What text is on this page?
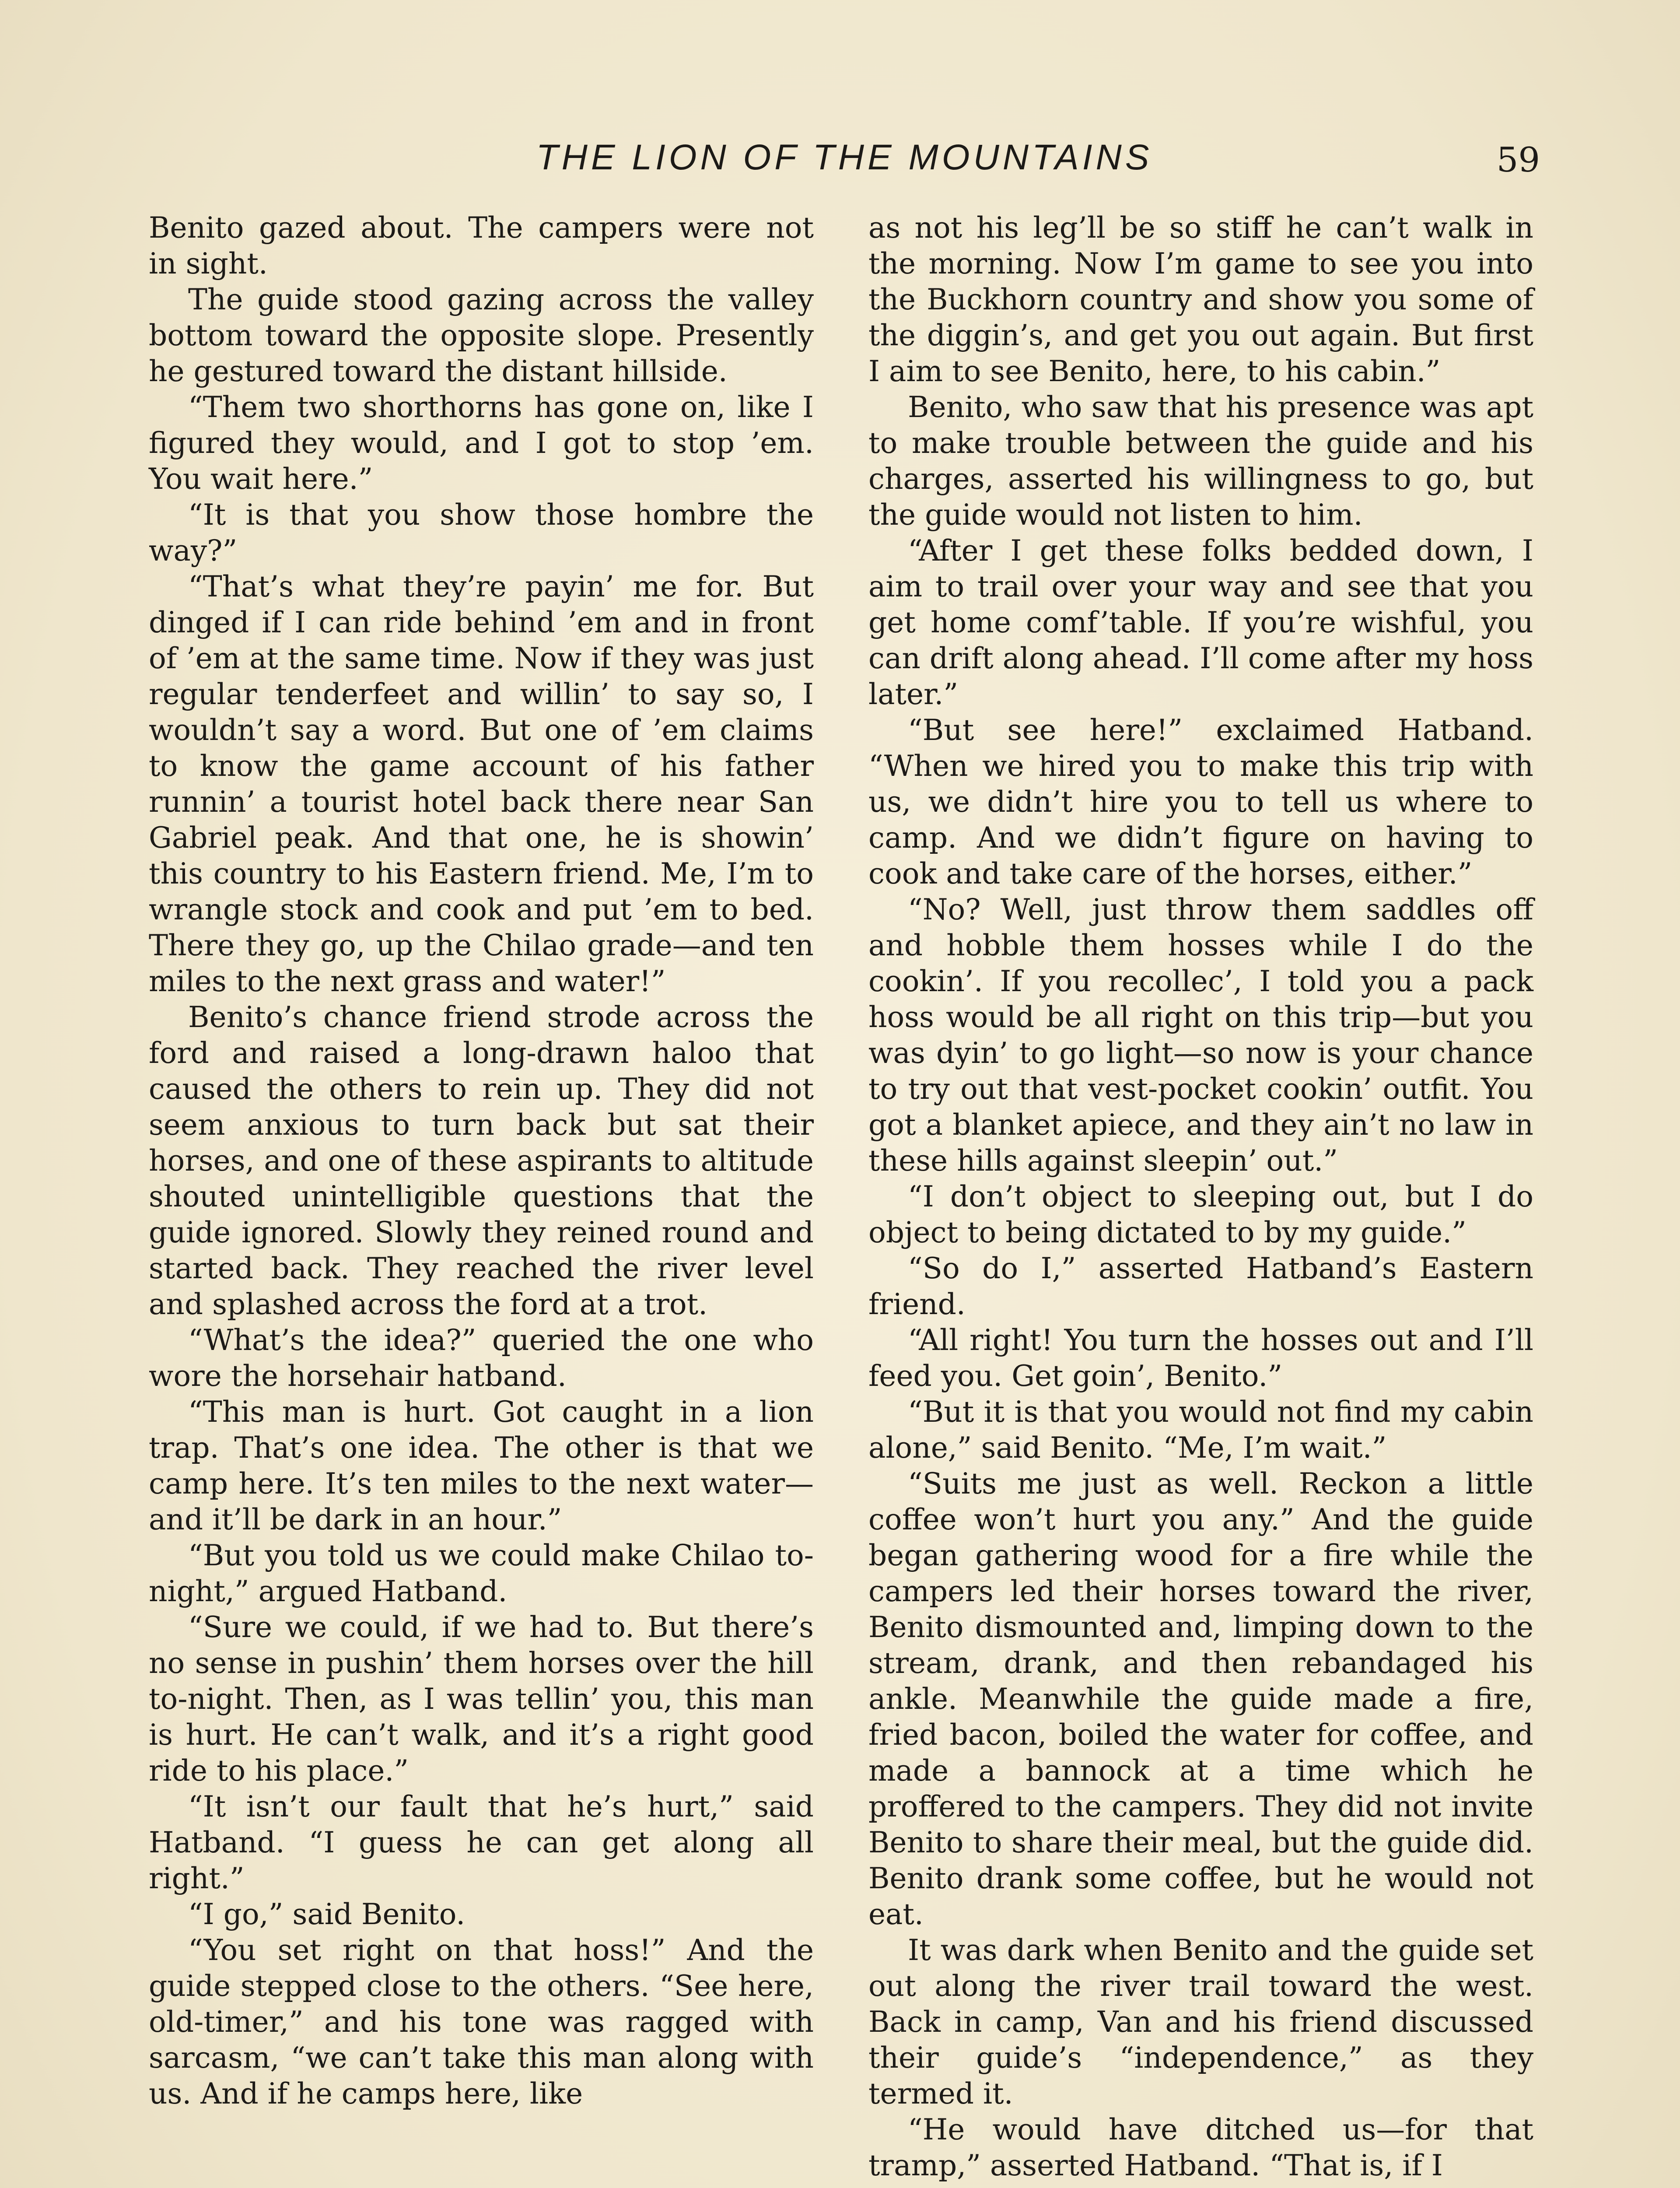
THE LION OF THE MOUNTAINS	59

Benito gazed about. The campers were not in sight.

The guide stood gazing across the valley bottom toward the opposite slope. Presently he gestured toward the distant hillside.

“Them two shorthorns has gone on, like I figured they would, and I got to stop ’em. You wait here.”

“It is that you show those hombre the way?”

“That’s what they’re payin’ me for. But dinged if I can ride behind ’em and in front of ’em at the same time. Now if they was just regular tenderfeet and willin’ to say so, I wouldn’t say a word. But one of ’em claims to know the game account of his father runnin’ a tourist hotel back there near San Gabriel peak. And that one, he is showin’ this country to his Eastern friend. Me, I’m to wrangle stock and cook and put ’em to bed. There they go, up the Chilao grade—and ten miles to the next grass and water!”

Benito’s chance friend strode across the ford and raised a long-drawn haloo that caused the others to rein up. They did not seem anxious to turn back but sat their horses, and one of these aspirants to altitude shouted unintelligible questions that the guide ignored. Slowly they reined round and started back. They reached the river level and splashed across the ford at a trot.

“What’s the idea?” queried the one who wore the horsehair hatband.

“This man is hurt. Got caught in a lion trap. That’s one idea. The other is that we camp here. It’s ten miles to the next water—and it’ll be dark in an hour.”

“But you told us we could make Chilao to-night,” argued Hatband.

“Sure we could, if we had to. But there’s no sense in pushin’ them horses over the hill to-night. Then, as I was tellin’ you, this man is hurt. He can’t walk, and it’s a right good ride to his place.”

“It isn’t our fault that he’s hurt,” said Hatband. “I guess he can get along all right.”

“I go,” said Benito.

“You set right on that hoss!” And the guide stepped close to the others. “See here, old-timer,” and his tone was ragged with sarcasm, “we can’t take this man along with us. And if he camps here, like

as not his leg’ll be so stiff he can’t walk in the morning. Now I’m game to see you into the Buckhorn country and show you some of the diggin’s, and get you out again. But first I aim to see Benito, here, to his cabin.”

Benito, who saw that his presence was apt to make trouble between the guide and his charges, asserted his willingness to go, but the guide would not listen to him.

“After I get these folks bedded down, I aim to trail over your way and see that you get home comf’table. If you’re wishful, you can drift along ahead. I’ll come after my hoss later.”

“But see here!” exclaimed Hatband. “When we hired you to make this trip with us, we didn’t hire you to tell us where to camp. And we didn’t figure on having to cook and take care of the horses, either.”

“No? Well, just throw them saddles off and hobble them hosses while I do the cookin’. If you recollec’, I told you a pack hoss would be all right on this trip—but you was dyin’ to go light—so now is your chance to try out that vest-pocket cookin’ outfit. You got a blanket apiece, and they ain’t no law in these hills against sleepin’ out.”

“I don’t object to sleeping out, but I do object to being dictated to by my guide.”

“So do I,” asserted Hatband’s Eastern friend.

“All right! You turn the hosses out and I’ll feed you. Get goin’, Benito.”

“But it is that you would not find my cabin alone,” said Benito. “Me, I’m wait.”

“Suits me just as well. Reckon a little coffee won’t hurt you any.” And the guide began gathering wood for a fire while the campers led their horses toward the river, Benito dismounted and, limping down to the stream, drank, and then rebandaged his ankle. Meanwhile the guide made a fire, fried bacon, boiled the water for coffee, and made a bannock at a time which he proffered to the campers. They did not invite Benito to share their meal, but the guide did. Benito drank some coffee, but he would not eat.

It was dark when Benito and the guide set out along the river trail toward the west. Back in camp, Van and his friend discussed their guide’s “independence,” as they termed it.

“He would have ditched us—for that tramp,” asserted Hatband. “That is, if I
